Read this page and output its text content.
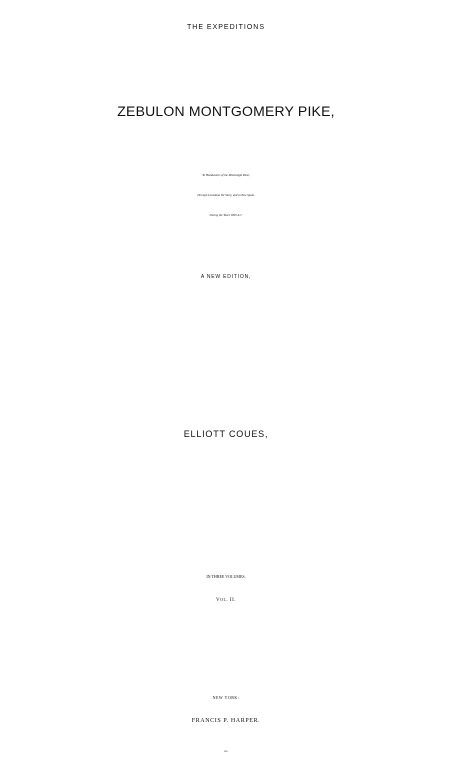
THE EXPEDITIONS
ZEBULON MONTGOMERY PIKE,
To Headwaters of the Mississippi River,
Through Louisiana Territory, and in New Spain,
During the Years 1805-6-7.
A NEW EDITION,
ELLIOTT COUES,
IN THREE VOLUMES.
Vol. II.
NEW YORK:
FRANCIS P. HARPER.
1895.
